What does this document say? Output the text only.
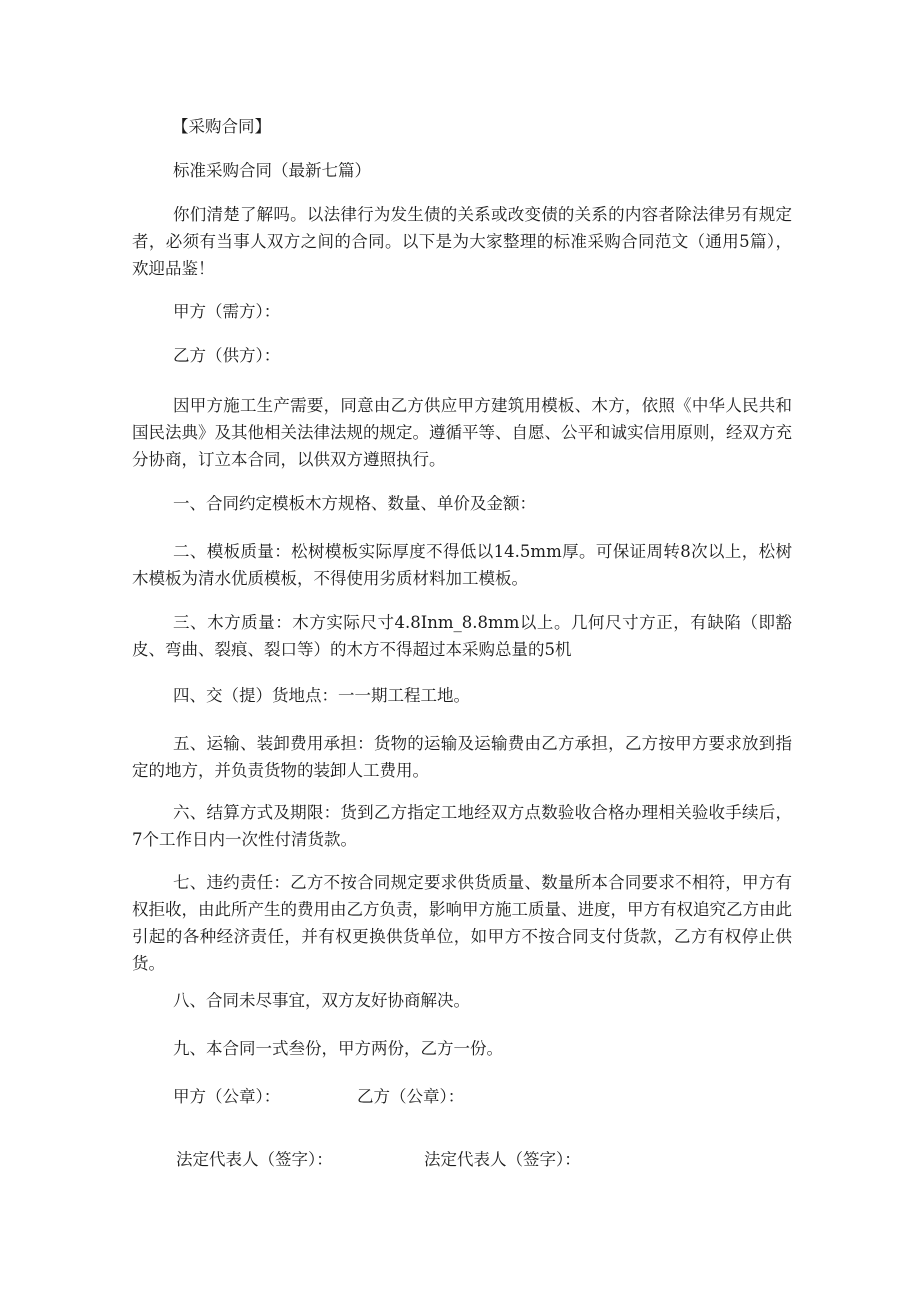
【采购合同】

标准采购合同（最新七篇）

你们清楚了解吗。以法律行为发生债的关系或改变债的关系的内容者除法律另有规定者，必须有当事人双方之间的合同。以下是为大家整理的标准采购合同范文（通用5篇），欢迎品鉴！

甲方（需方）：

乙方（供方）：

因甲方施工生产需要，同意由乙方供应甲方建筑用模板、木方，依照《中华人民共和国民法典》及其他相关法律法规的规定。遵循平等、自愿、公平和诚实信用原则，经双方充分协商，订立本合同，以供双方遵照执行。

一、合同约定模板木方规格、数量、单价及金额：

二、模板质量：松树模板实际厚度不得低以14.5mm厚。可保证周转8次以上，松树木模板为清水优质模板，不得使用劣质材料加工模板。

三、木方质量：木方实际尺寸4.8Inm_8.8mm以上。几何尺寸方正，有缺陷（即豁皮、弯曲、裂痕、裂口等）的木方不得超过本采购总量的5机

四、交（提）货地点：一一期工程工地。

五、运输、装卸费用承担：货物的运输及运输费由乙方承担，乙方按甲方要求放到指定的地方，并负责货物的装卸人工费用。

六、结算方式及期限：货到乙方指定工地经双方点数验收合格办理相关验收手续后，7个工作日内一次性付清货款。

七、违约责任：乙方不按合同规定要求供货质量、数量所本合同要求不相符，甲方有权拒收，由此所产生的费用由乙方负责，影响甲方施工质量、进度，甲方有权追究乙方由此引起的各种经济责任，并有权更换供货单位，如甲方不按合同支付货款，乙方有权停止供货。

八、合同未尽事宜，双方友好协商解决。

九、本合同一式叁份，甲方两份，乙方一份。

甲方（公章）：	乙方（公章）：

法定代表人（签字）：	法定代表人（签字）：
